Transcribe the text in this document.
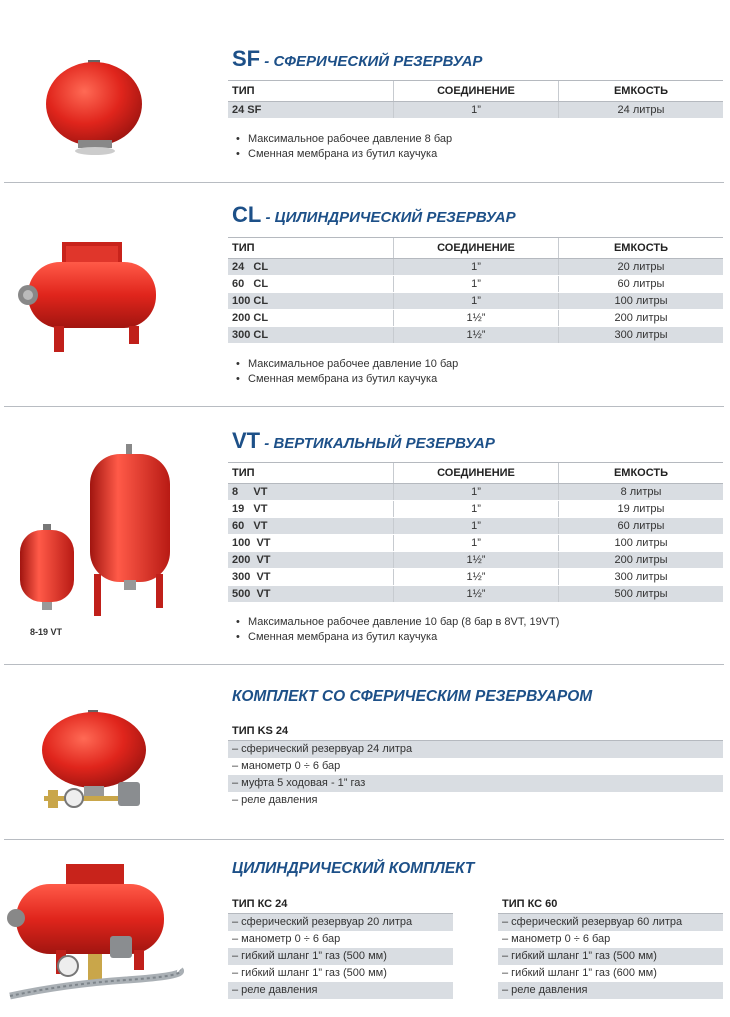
SF - СФЕРИЧЕСКИЙ РЕЗЕРВУАР
ТИП	СОЕДИНЕНИЕ	ЕМКОСТЬ
24 SF	1”	24 литры
• Максимальное рабочее давление 8 бар
• Сменная мембрана из бутил каучука
CL - ЦИЛИНДРИЧЕСКИЙ РЕЗЕРВУАР
ТИП	СОЕДИНЕНИЕ	ЕМКОСТЬ
24   CL	1”	20 литры
60   CL	1”	60 литры
100 CL	1”	100 литры
200 CL	1½”	200 литры
300 CL	1½”	300 литры
• Максимальное рабочее давление 10 бар
• Сменная мембрана из бутил каучука
8-19 VT
VT - ВЕРТИКАЛЬНЫЙ РЕЗЕРВУАР
ТИП	СОЕДИНЕНИЕ	ЕМКОСТЬ
8     VT	1”	8 литры
19   VT	1”	19 литры
60   VT	1”	60 литры
100  VT	1”	100 литры
200  VT	1½”	200 литры
300  VT	1½”	300 литры
500  VT	1½”	500 литры
• Максимальное рабочее давление 10 бар (8 бар в 8VT, 19VT)
• Сменная мембрана из бутил каучука
КОМПЛЕКТ СО СФЕРИЧЕСКИМ РЕЗЕРВУАРОМ
ТИП KS 24
– сферический резервуар 24 литра
– манометр 0 ÷ 6 бар
– муфта 5 ходовая - 1” газ
– реле давления
ЦИЛИНДРИЧЕСКИЙ КОМПЛЕКТ
ТИП КС 24
– сферический резервуар 20 литра
– манометр 0 ÷ 6 бар
– гибкий шланг 1” газ (500 мм)
– гибкий шланг 1” газ (500 мм)
– реле давления
ТИП КС 60
– сферический резервуар 60 литра
– манометр 0 ÷ 6 бар
– гибкий шланг 1” газ (500 мм)
– гибкий шланг 1” газ (600 мм)
– реле давления
